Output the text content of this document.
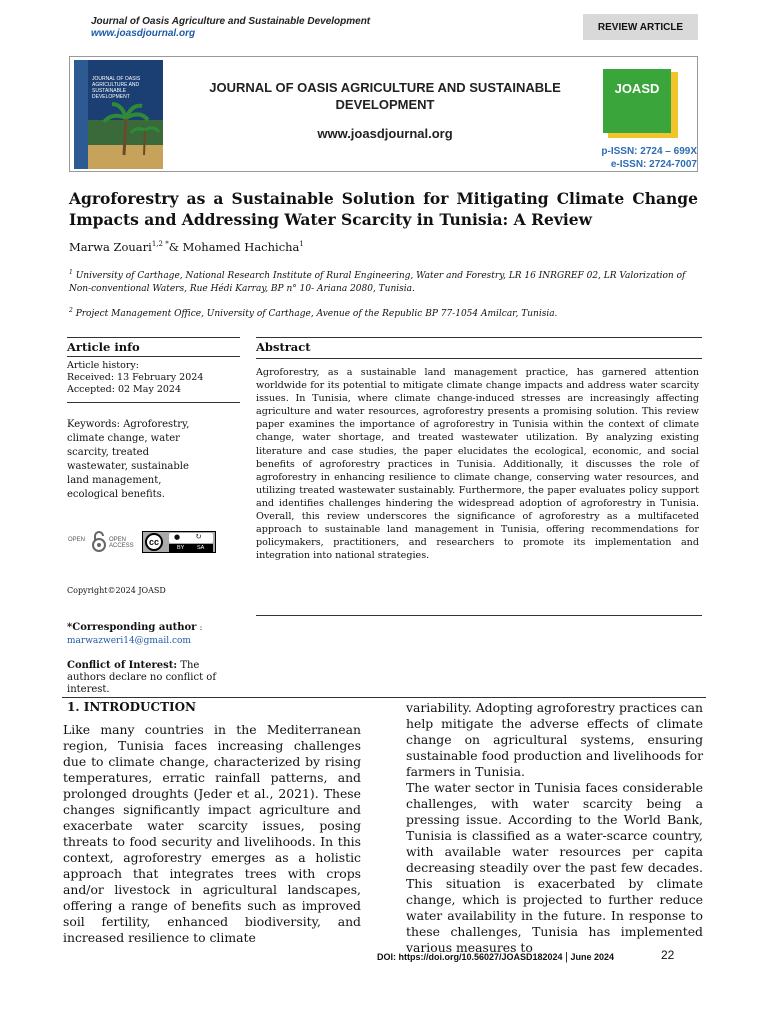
Journal of Oasis Agriculture and Sustainable Development
www.joasdjournal.org
REVIEW ARTICLE
JOURNAL OF OASIS AGRICULTURE AND SUSTAINABLE DEVELOPMENT
JOURNAL OF OASIS AGRICULTURE AND SUSTAINABLE DEVELOPMENT
www.joasdjournal.org
JOASD
p-ISSN: 2724 – 699X
e-ISSN: 2724-7007
Agroforestry as a Sustainable Solution for Mitigating Climate Change Impacts and Addressing Water Scarcity in Tunisia: A Review
Marwa Zouari$^{1,2 *}$& Mohamed Hachicha$^1$
$^1$ University of Carthage, National Research Institute of Rural Engineering, Water and Forestry, LR 16 INRGREF 02, LR Valorization of Non-conventional Waters, Rue Hédi Karray, BP n° 10- Ariana 2080, Tunisia.
$^2$ Project Management Office, University of Carthage, Avenue of the Republic BP 77-1054 Amilcar, Tunisia.
Article info
Article history:
Received: 13 February 2024
Accepted: 02 May 2024
Keywords: Agroforestry, climate change, water scarcity, treated wastewater, sustainable land management, ecological benefits.
OPEN	OPEN ACCESS	cc	● ↻
BY SA
Copyright©2024 JOASD
*Corresponding author :
marwazweri14@gmail.com
Conflict of Interest: The authors declare no conflict of interest.
Abstract
Agroforestry, as a sustainable land management practice, has garnered attention worldwide for its potential to mitigate climate change impacts and address water scarcity issues. In Tunisia, where climate change-induced stresses are increasingly affecting agriculture and water resources, agroforestry presents a promising solution. This review paper examines the importance of agroforestry in Tunisia within the context of climate change, water shortage, and treated wastewater utilization. By analyzing existing literature and case studies, the paper elucidates the ecological, economic, and social benefits of agroforestry practices in Tunisia. Additionally, it discusses the role of agroforestry in enhancing resilience to climate change, conserving water resources, and utilizing treated wastewater sustainably. Furthermore, the paper evaluates policy support and identifies challenges hindering the widespread adoption of agroforestry in Tunisia. Overall, this review underscores the significance of agroforestry as a multifaceted approach to sustainable land management in Tunisia, offering recommendations for policymakers, practitioners, and researchers to promote its implementation and integration into national strategies.
1. INTRODUCTION
Like many countries in the Mediterranean region, Tunisia faces increasing challenges due to climate change, characterized by rising temperatures, erratic rainfall patterns, and prolonged droughts (Jeder et al., 2021). These changes significantly impact agriculture and exacerbate water scarcity issues, posing threats to food security and livelihoods. In this context, agroforestry emerges as a holistic approach that integrates trees with crops and/or livestock in agricultural landscapes, offering a range of benefits such as improved soil fertility, enhanced biodiversity, and increased resilience to climate
variability. Adopting agroforestry practices can help mitigate the adverse effects of climate change on agricultural systems, ensuring sustainable food production and livelihoods for farmers in Tunisia.
The water sector in Tunisia faces considerable challenges, with water scarcity being a pressing issue. According to the World Bank, Tunisia is classified as a water-scarce country, with available water resources per capita decreasing steadily over the past few decades. This situation is exacerbated by climate change, which is projected to further reduce water availability in the future. In response to these challenges, Tunisia has implemented various measures to
DOI: https://doi.org/10.56027/JOASD182024 | June 2024	22
